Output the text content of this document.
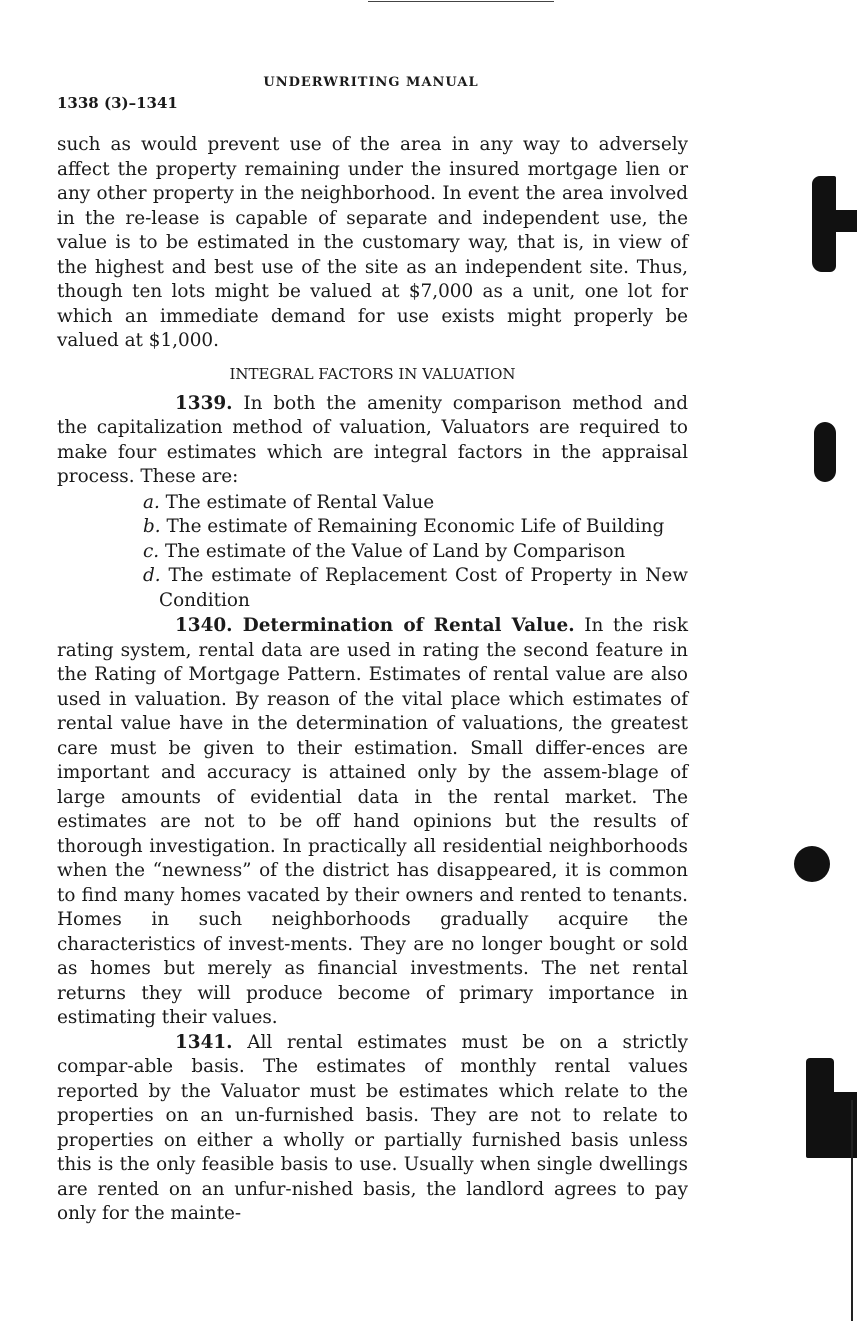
UNDERWRITING MANUAL
1338 (3)–1341

such as would prevent use of the area in any way to adversely affect the property remaining under the insured mortgage lien or any other property in the neighborhood. In event the area involved in the re-lease is capable of separate and independent use, the value is to be estimated in the customary way, that is, in view of the highest and best use of the site as an independent site. Thus, though ten lots might be valued at $7,000 as a unit, one lot for which an immediate demand for use exists might properly be valued at $1,000.

INTEGRAL FACTORS IN VALUATION

1339. In both the amenity comparison method and the capitalization method of valuation, Valuators are required to make four estimates which are integral factors in the appraisal process. These are:

a. The estimate of Rental Value
b. The estimate of Remaining Economic Life of Building
c. The estimate of the Value of Land by Comparison
d. The estimate of Replacement Cost of Property in New Condition

1340. Determination of Rental Value. In the risk rating system, rental data are used in rating the second feature in the Rating of Mortgage Pattern. Estimates of rental value are also used in valuation. By reason of the vital place which estimates of rental value have in the determination of valuations, the greatest care must be given to their estimation. Small differ-ences are important and accuracy is attained only by the assem-blage of large amounts of evidential data in the rental market. The estimates are not to be off hand opinions but the results of thorough investigation. In practically all residential neighborhoods when the “newness” of the district has disappeared, it is common to find many homes vacated by their owners and rented to tenants. Homes in such neighborhoods gradually acquire the characteristics of invest-ments. They are no longer bought or sold as homes but merely as financial investments. The net rental returns they will produce become of primary importance in estimating their values.

1341. All rental estimates must be on a strictly compar-able basis. The estimates of monthly rental values reported by the Valuator must be estimates which relate to the properties on an un-furnished basis. They are not to relate to properties on either a wholly or partially furnished basis unless this is the only feasible basis to use. Usually when single dwellings are rented on an unfur-nished basis, the landlord agrees to pay only for the mainte-
